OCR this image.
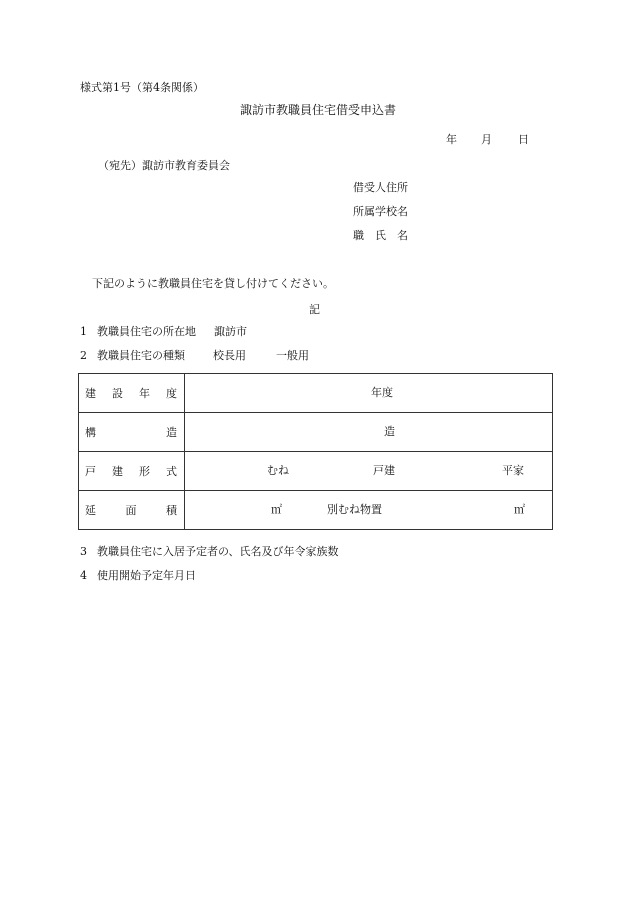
様式第1号（第4条関係）
諏訪市教職員住宅借受申込書
年 月 日
（宛先）諏訪市教育委員会
借受人住所
所属学校名
職　氏　名
下記のように教職員住宅を貸し付けてください。
記
1 教職員住宅の所在地 諏訪市
2 教職員住宅の種類	校長用	一般用
建 設 年 度	年度

構 造	造

戸 建 形 式	むね 戸建 平家

延 面 積	㎡ 別むね物置 ㎡
3 教職員住宅に入居予定者の、氏名及び年令家族数
4 使用開始予定年月日
